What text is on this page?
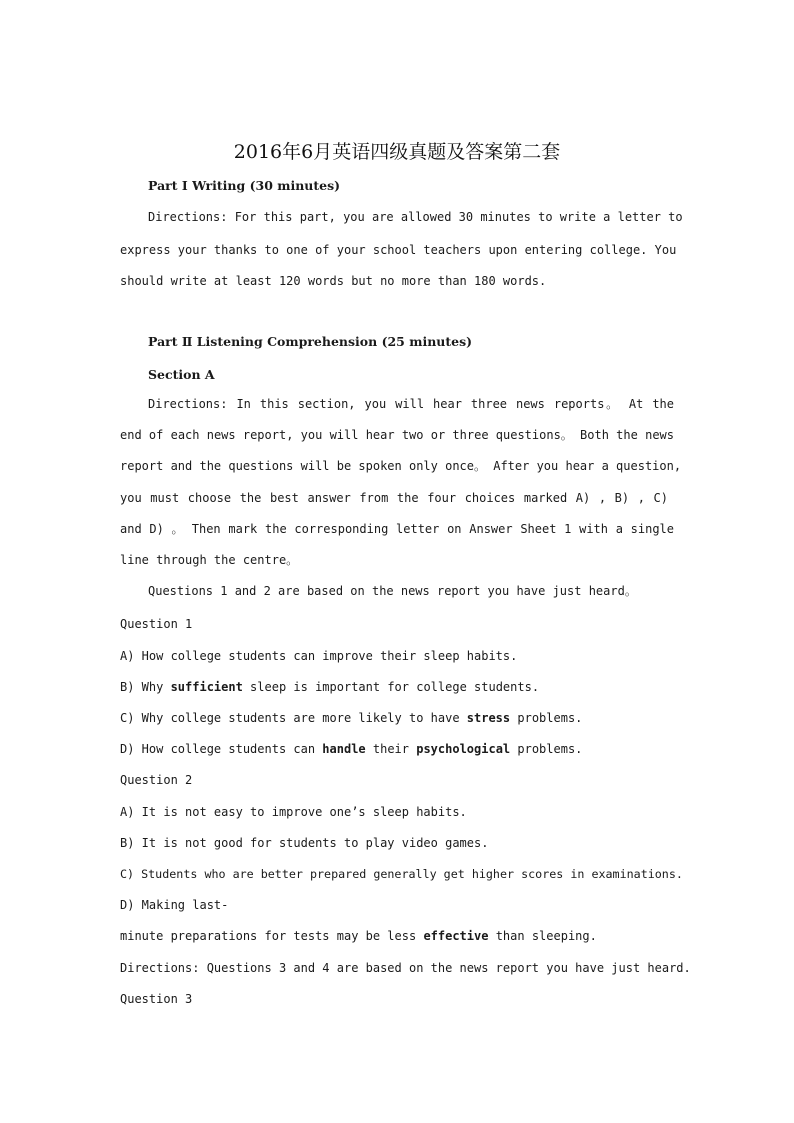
2016年6月英语四级真题及答案第二套
Part I Writing (30 minutes)
Directions: For this part, you are allowed 30 minutes to write a letter to
express your thanks to one of your school teachers upon entering college. You
should write at least 120 words but no more than 180 words.
Part Ⅱ Listening Comprehension (25 minutes)
Section A
Directions: In this section, you will hear three news reports。 At the
end of each news report, you will hear two or three questions。 Both the news
report and the questions will be spoken only once。 After you hear a question,
you must choose the best answer from the four choices marked A) , B) , C)
and D) 。 Then mark the corresponding letter on Answer Sheet 1 with a single
line through the centre。
Questions 1 and 2 are based on the news report you have just heard。
Question 1
A) How college students can improve their sleep habits.
B) Why sufficient sleep is important for college students.
C) Why college students are more likely to have stress problems.
D) How college students can handle their psychological problems.
Question 2
A) It is not easy to improve one’s sleep habits.
B) It is not good for students to play video games.
C) Students who are better prepared generally get higher scores in examinations.
D) Making last-
minute preparations for tests may be less effective than sleeping.
Directions: Questions 3 and 4 are based on the news report you have just heard.
Question 3
